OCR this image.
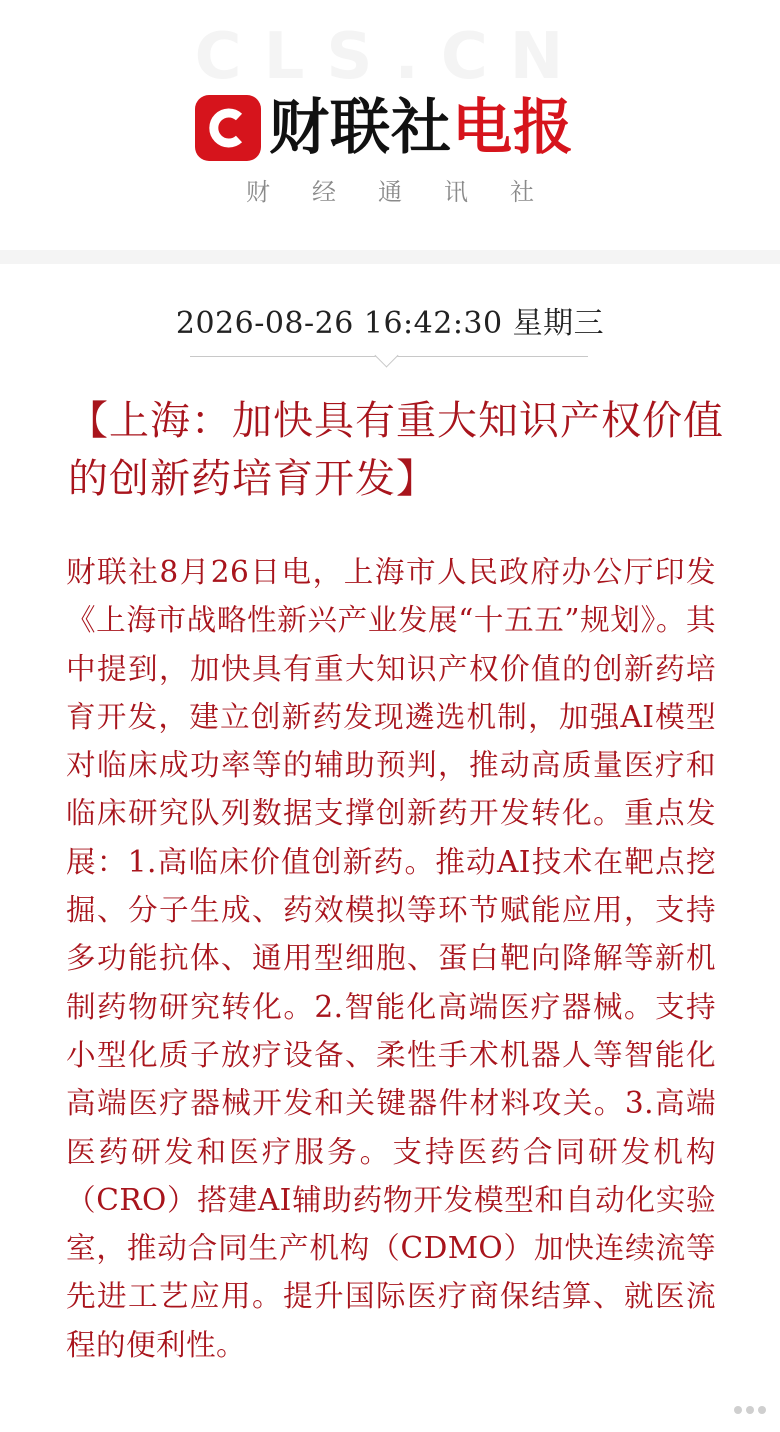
CLS.CN
财联社 电报
财经通讯社
2026-08-26 16:42:30 星期三
【上海：加快具有重大知识产权价值的创新药培育开发】
财联社8月26日电，上海市人民政府办公厅印发《上海市战略性新兴产业发展“十五五”规划》。其中提到，加快具有重大知识产权价值的创新药培育开发，建立创新药发现遴选机制，加强AI模型对临床成功率等的辅助预判，推动高质量医疗和临床研究队列数据支撑创新药开发转化。重点发展：1.高临床价值创新药。推动AI技术在靶点挖掘、分子生成、药效模拟等环节赋能应用，支持多功能抗体、通用型细胞、蛋白靶向降解等新机制药物研究转化。2.智能化高端医疗器械。支持小型化质子放疗设备、柔性手术机器人等智能化高端医疗器械开发和关键器件材料攻关。3.高端医药研发和医疗服务。支持医药合同研发机构（CRO）搭建AI辅助药物开发模型和自动化实验室，推动合同生产机构（CDMO）加快连续流等先进工艺应用。提升国际医疗商保结算、就医流程的便利性。
